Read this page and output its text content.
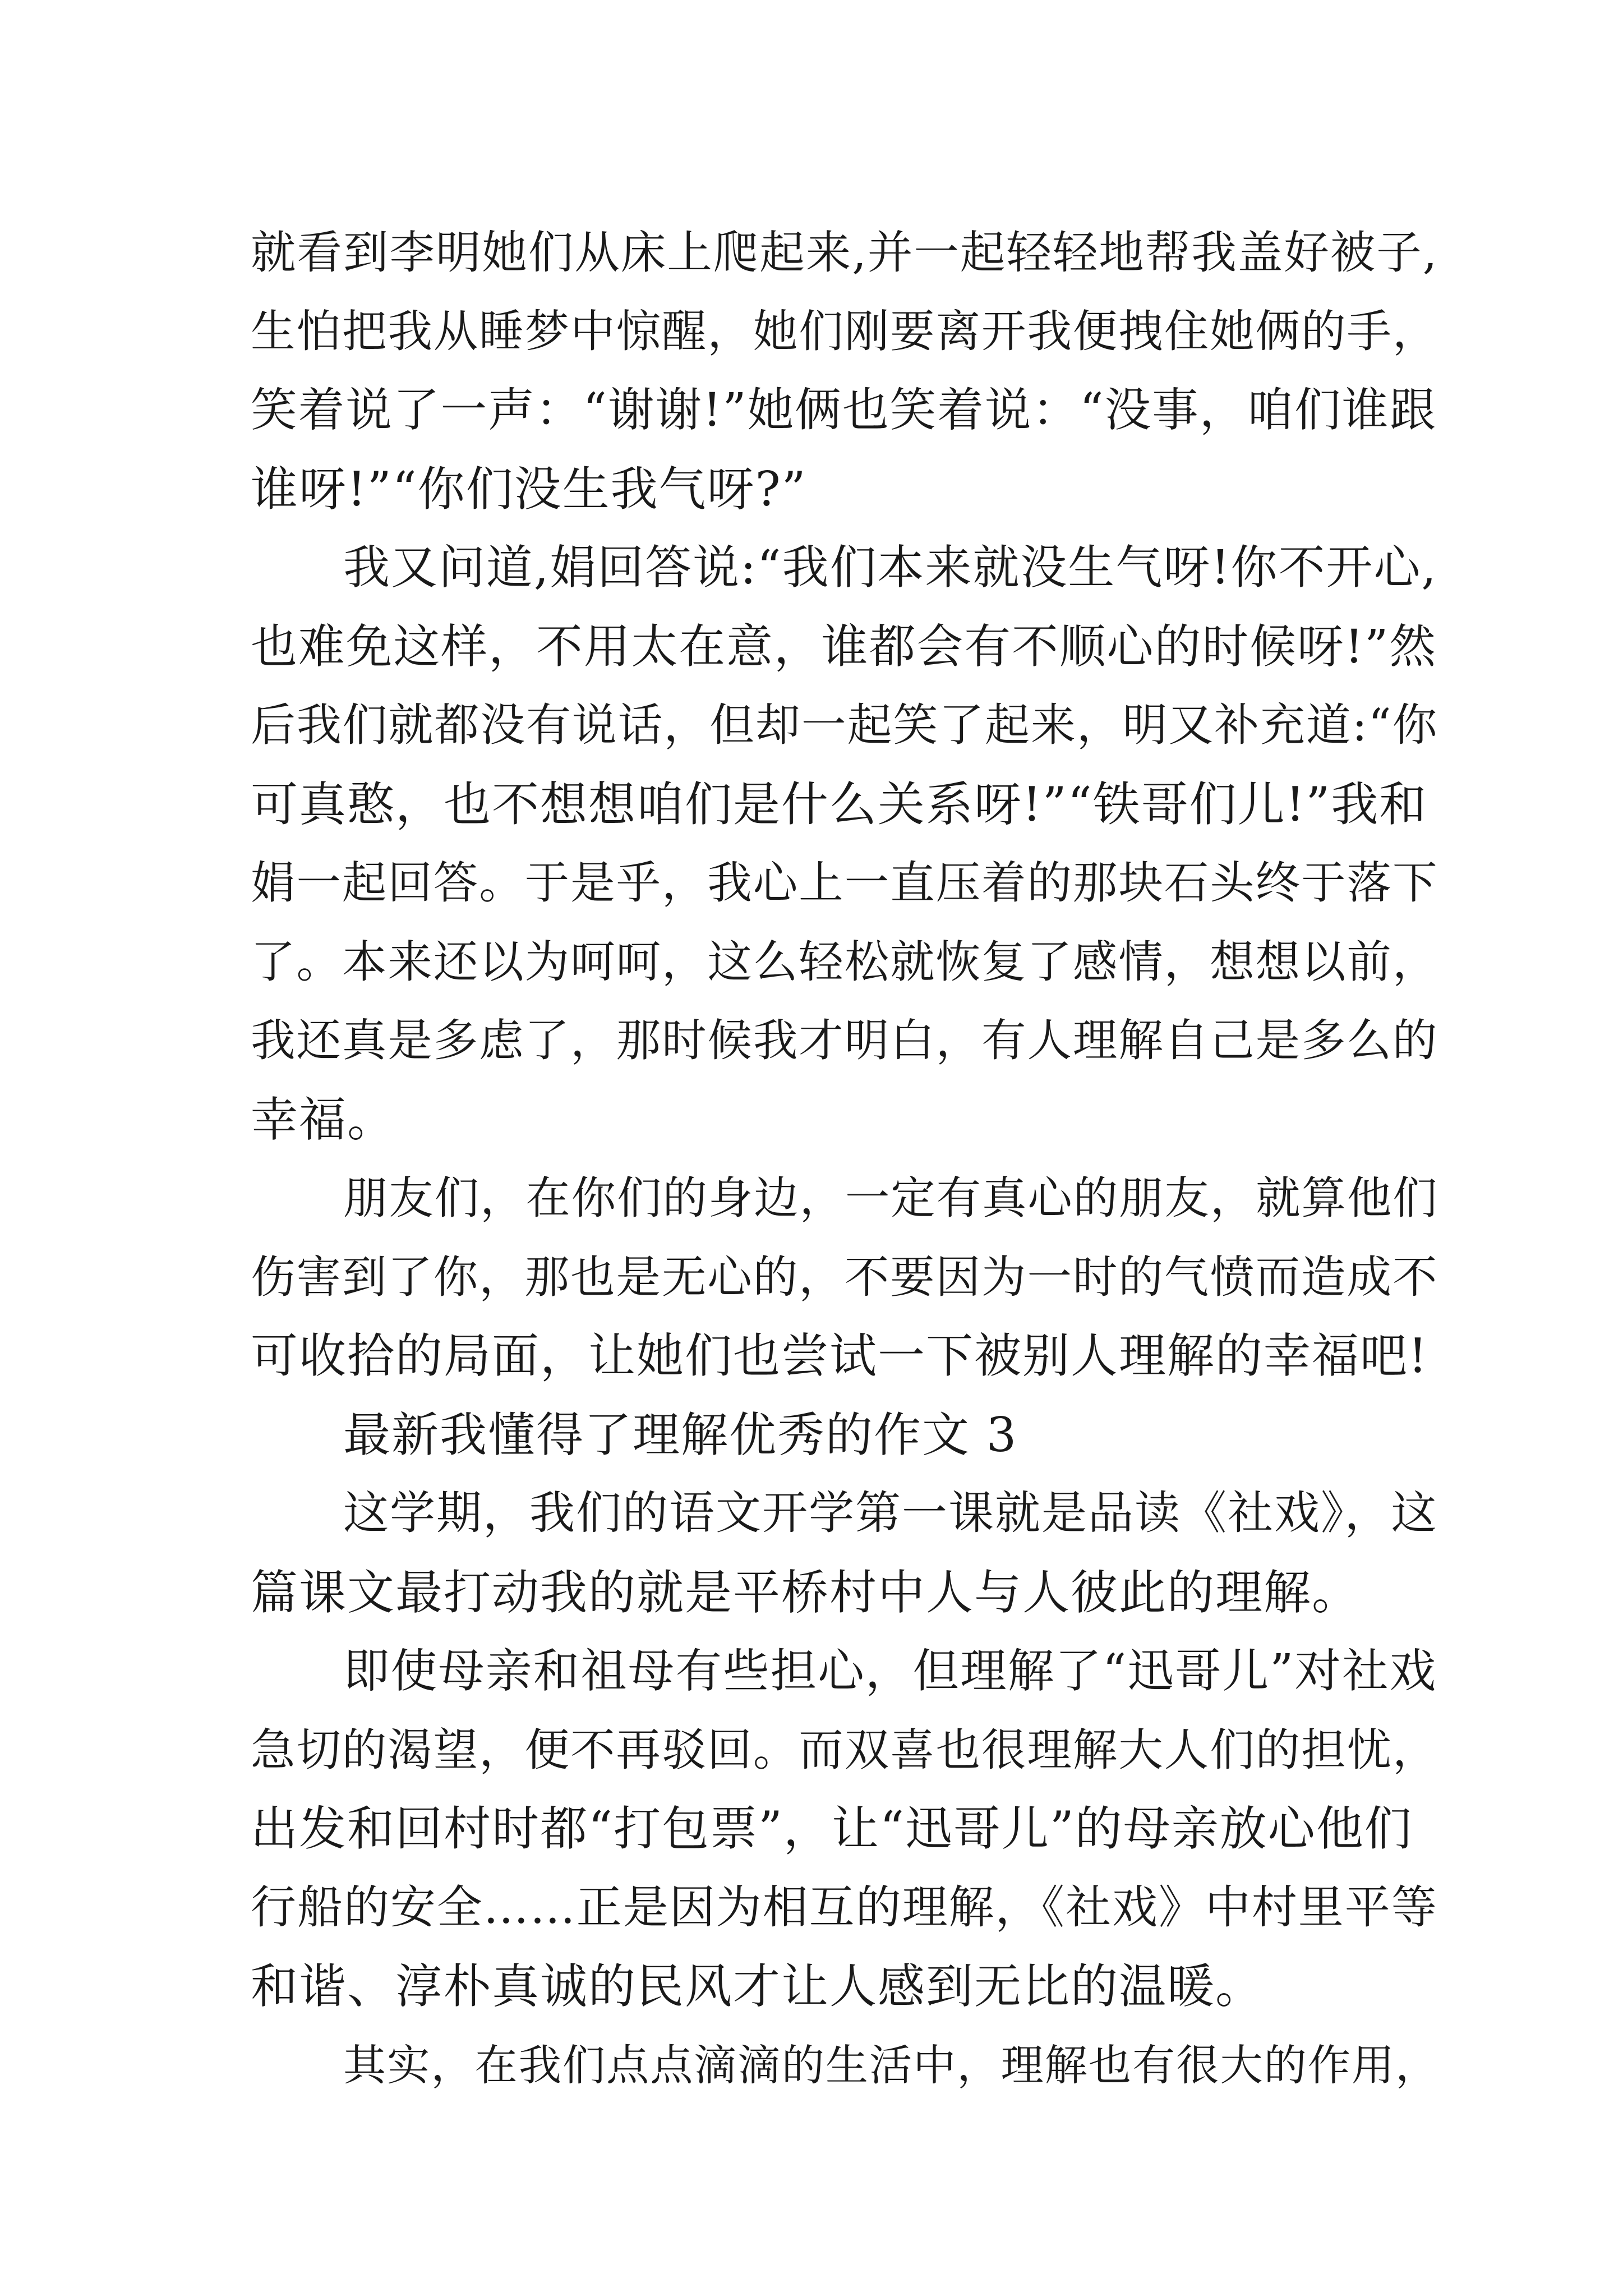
就看到李明她们从床上爬起来,并一起轻轻地帮我盖好被子,
生怕把我从睡梦中惊醒，她们刚要离开我便拽住她俩的手，
笑着说了一声：“谢谢!”她俩也笑着说：“没事，咱们谁跟
谁呀!”“你们没生我气呀?”
我又问道,娟回答说:“我们本来就没生气呀!你不开心,
也难免这样，不用太在意，谁都会有不顺心的时候呀!”然
后我们就都没有说话，但却一起笑了起来，明又补充道:“你
可真憨，也不想想咱们是什么关系呀!”“铁哥们儿!”我和
娟一起回答。于是乎，我心上一直压着的那块石头终于落下
了。本来还以为呵呵，这么轻松就恢复了感情，想想以前，
我还真是多虑了，那时候我才明白，有人理解自己是多么的
幸福。
朋友们，在你们的身边，一定有真心的朋友，就算他们
伤害到了你，那也是无心的，不要因为一时的气愤而造成不
可收拾的局面，让她们也尝试一下被别人理解的幸福吧!
最新我懂得了理解优秀的作文 3
这学期，我们的语文开学第一课就是品读《社戏》，这
篇课文最打动我的就是平桥村中人与人彼此的理解。
即使母亲和祖母有些担心，但理解了“迅哥儿”对社戏
急切的渴望，便不再驳回。而双喜也很理解大人们的担忧，
出发和回村时都“打包票”，让“迅哥儿”的母亲放心他们
行船的安全……正是因为相互的理解，《社戏》中村里平等
和谐、淳朴真诚的民风才让人感到无比的温暖。
其实，在我们点点滴滴的生活中，理解也有很大的作用，
